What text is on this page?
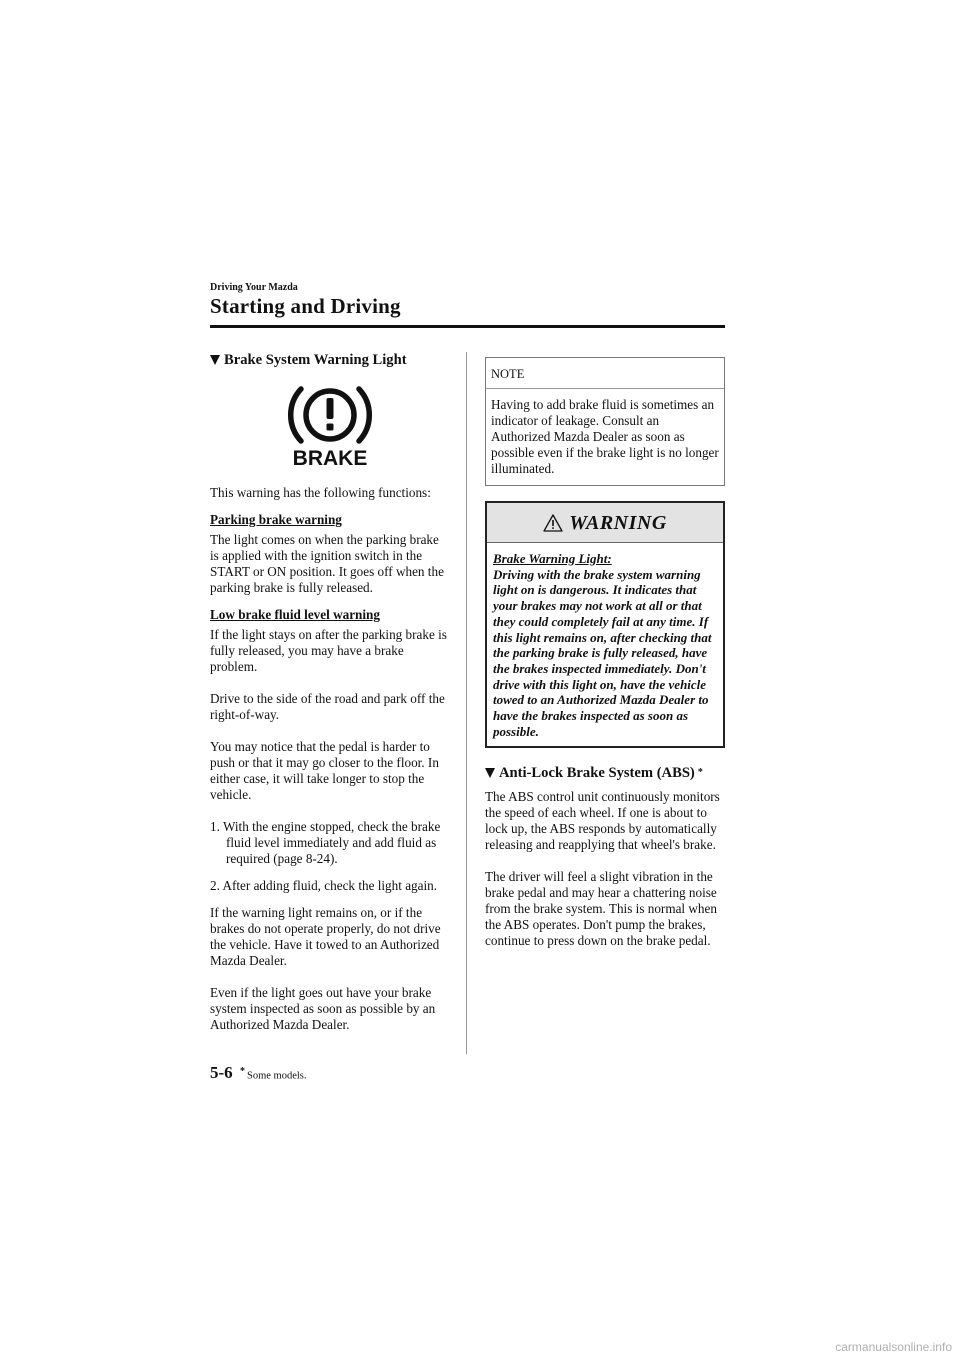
Driving Your Mazda
Starting and Driving
Brake System Warning Light
BRAKE

This warning has the following functions:

Parking brake warning

The light comes on when the parking brake is applied with the ignition switch in the START or ON position. It goes off when the parking brake is fully released.

Low brake fluid level warning

If the light stays on after the parking brake is fully released, you may have a brake problem.

Drive to the side of the road and park off the right-of-way.

You may notice that the pedal is harder to push or that it may go closer to the floor. In either case, it will take longer to stop the vehicle.

1. With the engine stopped, check the brake fluid level immediately and add fluid as required (page 8-24).

2. After adding fluid, check the light again.

If the warning light remains on, or if the brakes do not operate properly, do not drive the vehicle. Have it towed to an Authorized Mazda Dealer.

Even if the light goes out have your brake system inspected as soon as possible by an Authorized Mazda Dealer.

NOTE
Having to add brake fluid is sometimes an indicator of leakage. Consult an Authorized Mazda Dealer as soon as possible even if the brake light is no longer illuminated.
WARNING
Brake Warning Light:
Driving with the brake system warning light on is dangerous. It indicates that your brakes may not work at all or that they could completely fail at any time. If this light remains on, after checking that the parking brake is fully released, have the brakes inspected immediately. Don't drive with this light on, have the vehicle towed to an Authorized Mazda Dealer to have the brakes inspected as soon as possible.
Anti-Lock Brake System (ABS) *

The ABS control unit continuously monitors the speed of each wheel. If one is about to lock up, the ABS responds by automatically releasing and reapplying that wheel's brake.

The driver will feel a slight vibration in the brake pedal and may hear a chattering noise from the brake system. This is normal when the ABS operates. Don't pump the brakes, continue to press down on the brake pedal.

5-6 * Some models.
carmanualsonline.info
